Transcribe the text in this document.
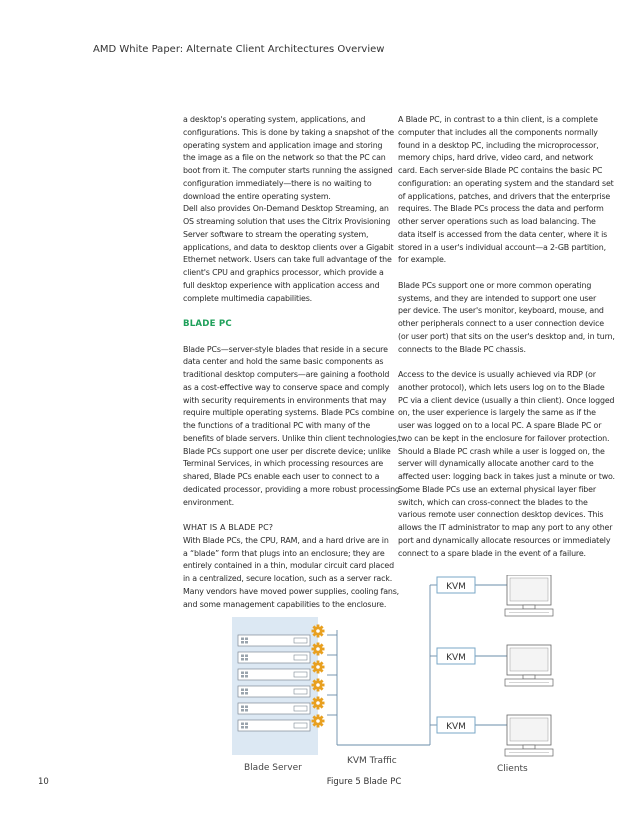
AMD White Paper: Alternate Client Architectures Overview

a desktop's operating system, applications, and

configurations. This is done by taking a snapshot of the

operating system and application image and storing

the image as a file on the network so that the PC can

boot from it. The computer starts running the assigned

configuration immediately—there is no waiting to

download the entire operating system.

Dell also provides On-Demand Desktop Streaming, an

OS streaming solution that uses the Citrix Provisioning

Server software to stream the operating system,

applications, and data to desktop clients over a Gigabit

Ethernet network. Users can take full advantage of the

client's CPU and graphics processor, which provide a

full desktop experience with application access and

complete multimedia capabilities.

BLADE PC

Blade PCs—server-style blades that reside in a secure

data center and hold the same basic components as

traditional desktop computers—are gaining a foothold

as a cost-effective way to conserve space and comply

with security requirements in environments that may

require multiple operating systems. Blade PCs combine

the functions of a traditional PC with many of the

benefits of blade servers. Unlike thin client technologies,

Blade PCs support one user per discrete device; unlike

Terminal Services, in which processing resources are

shared, Blade PCs enable each user to connect to a

dedicated processor, providing a more robust processing

environment.

WHAT IS A BLADE PC?

With Blade PCs, the CPU, RAM, and a hard drive are in

a “blade” form that plugs into an enclosure; they are

entirely contained in a thin, modular circuit card placed

in a centralized, secure location, such as a server rack.

Many vendors have moved power supplies, cooling fans,

and some management capabilities to the enclosure.

A Blade PC, in contrast to a thin client, is a complete

computer that includes all the components normally

found in a desktop PC, including the microprocessor,

memory chips, hard drive, video card, and network

card. Each server-side Blade PC contains the basic PC

configuration: an operating system and the standard set

of applications, patches, and drivers that the enterprise

requires. The Blade PCs process the data and perform

other server operations such as load balancing. The

data itself is accessed from the data center, where it is

stored in a user's individual account—a 2-GB partition,

for example.

Blade PCs support one or more common operating

systems, and they are intended to support one user

per device. The user's monitor, keyboard, mouse, and

other peripherals connect to a user connection device

(or user port) that sits on the user's desktop and, in turn,

connects to the Blade PC chassis.

Access to the device is usually achieved via RDP (or

another protocol), which lets users log on to the Blade

PC via a client device (usually a thin client). Once logged

on, the user experience is largely the same as if the

user was logged on to a local PC. A spare Blade PC or

two can be kept in the enclosure for failover protection.

Should a Blade PC crash while a user is logged on, the

server will dynamically allocate another card to the

affected user: logging back in takes just a minute or two.

Some Blade PCs use an external physical layer fiber

switch, which can cross-connect the blades to the

various remote user connection desktop devices. This

allows the IT administrator to map any port to any other

port and dynamically allocate resources or immediately

connect to a spare blade in the event of a failure.

KVM
KVM
KVM
KVM Traffic
Blade Server	Clients
10	Figure 5 Blade PC
